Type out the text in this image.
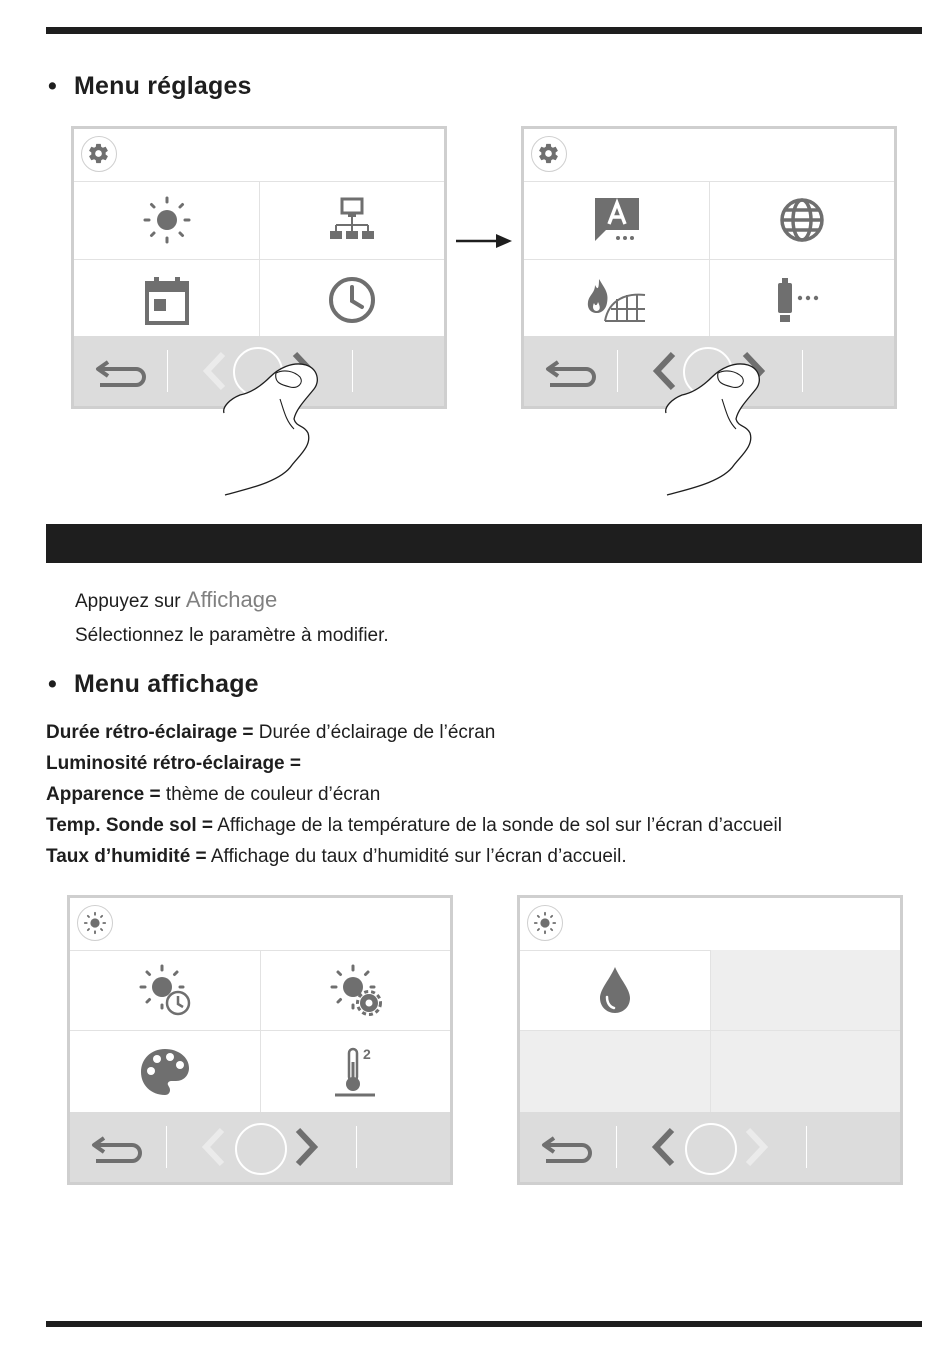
• Menu réglages
Appuyez sur Affichage
Sélectionnez le paramètre à modifier.
• Menu affichage
Durée rétro-éclairage = Durée d’éclairage de l’écran
Luminosité rétro-éclairage =
Apparence = thème de couleur d’écran
Temp. Sonde sol = Affichage de la température de la sonde de sol sur l’écran d’accueil
Taux d’humidité = Affichage du taux d’humidité sur l’écran d’accueil.
2
